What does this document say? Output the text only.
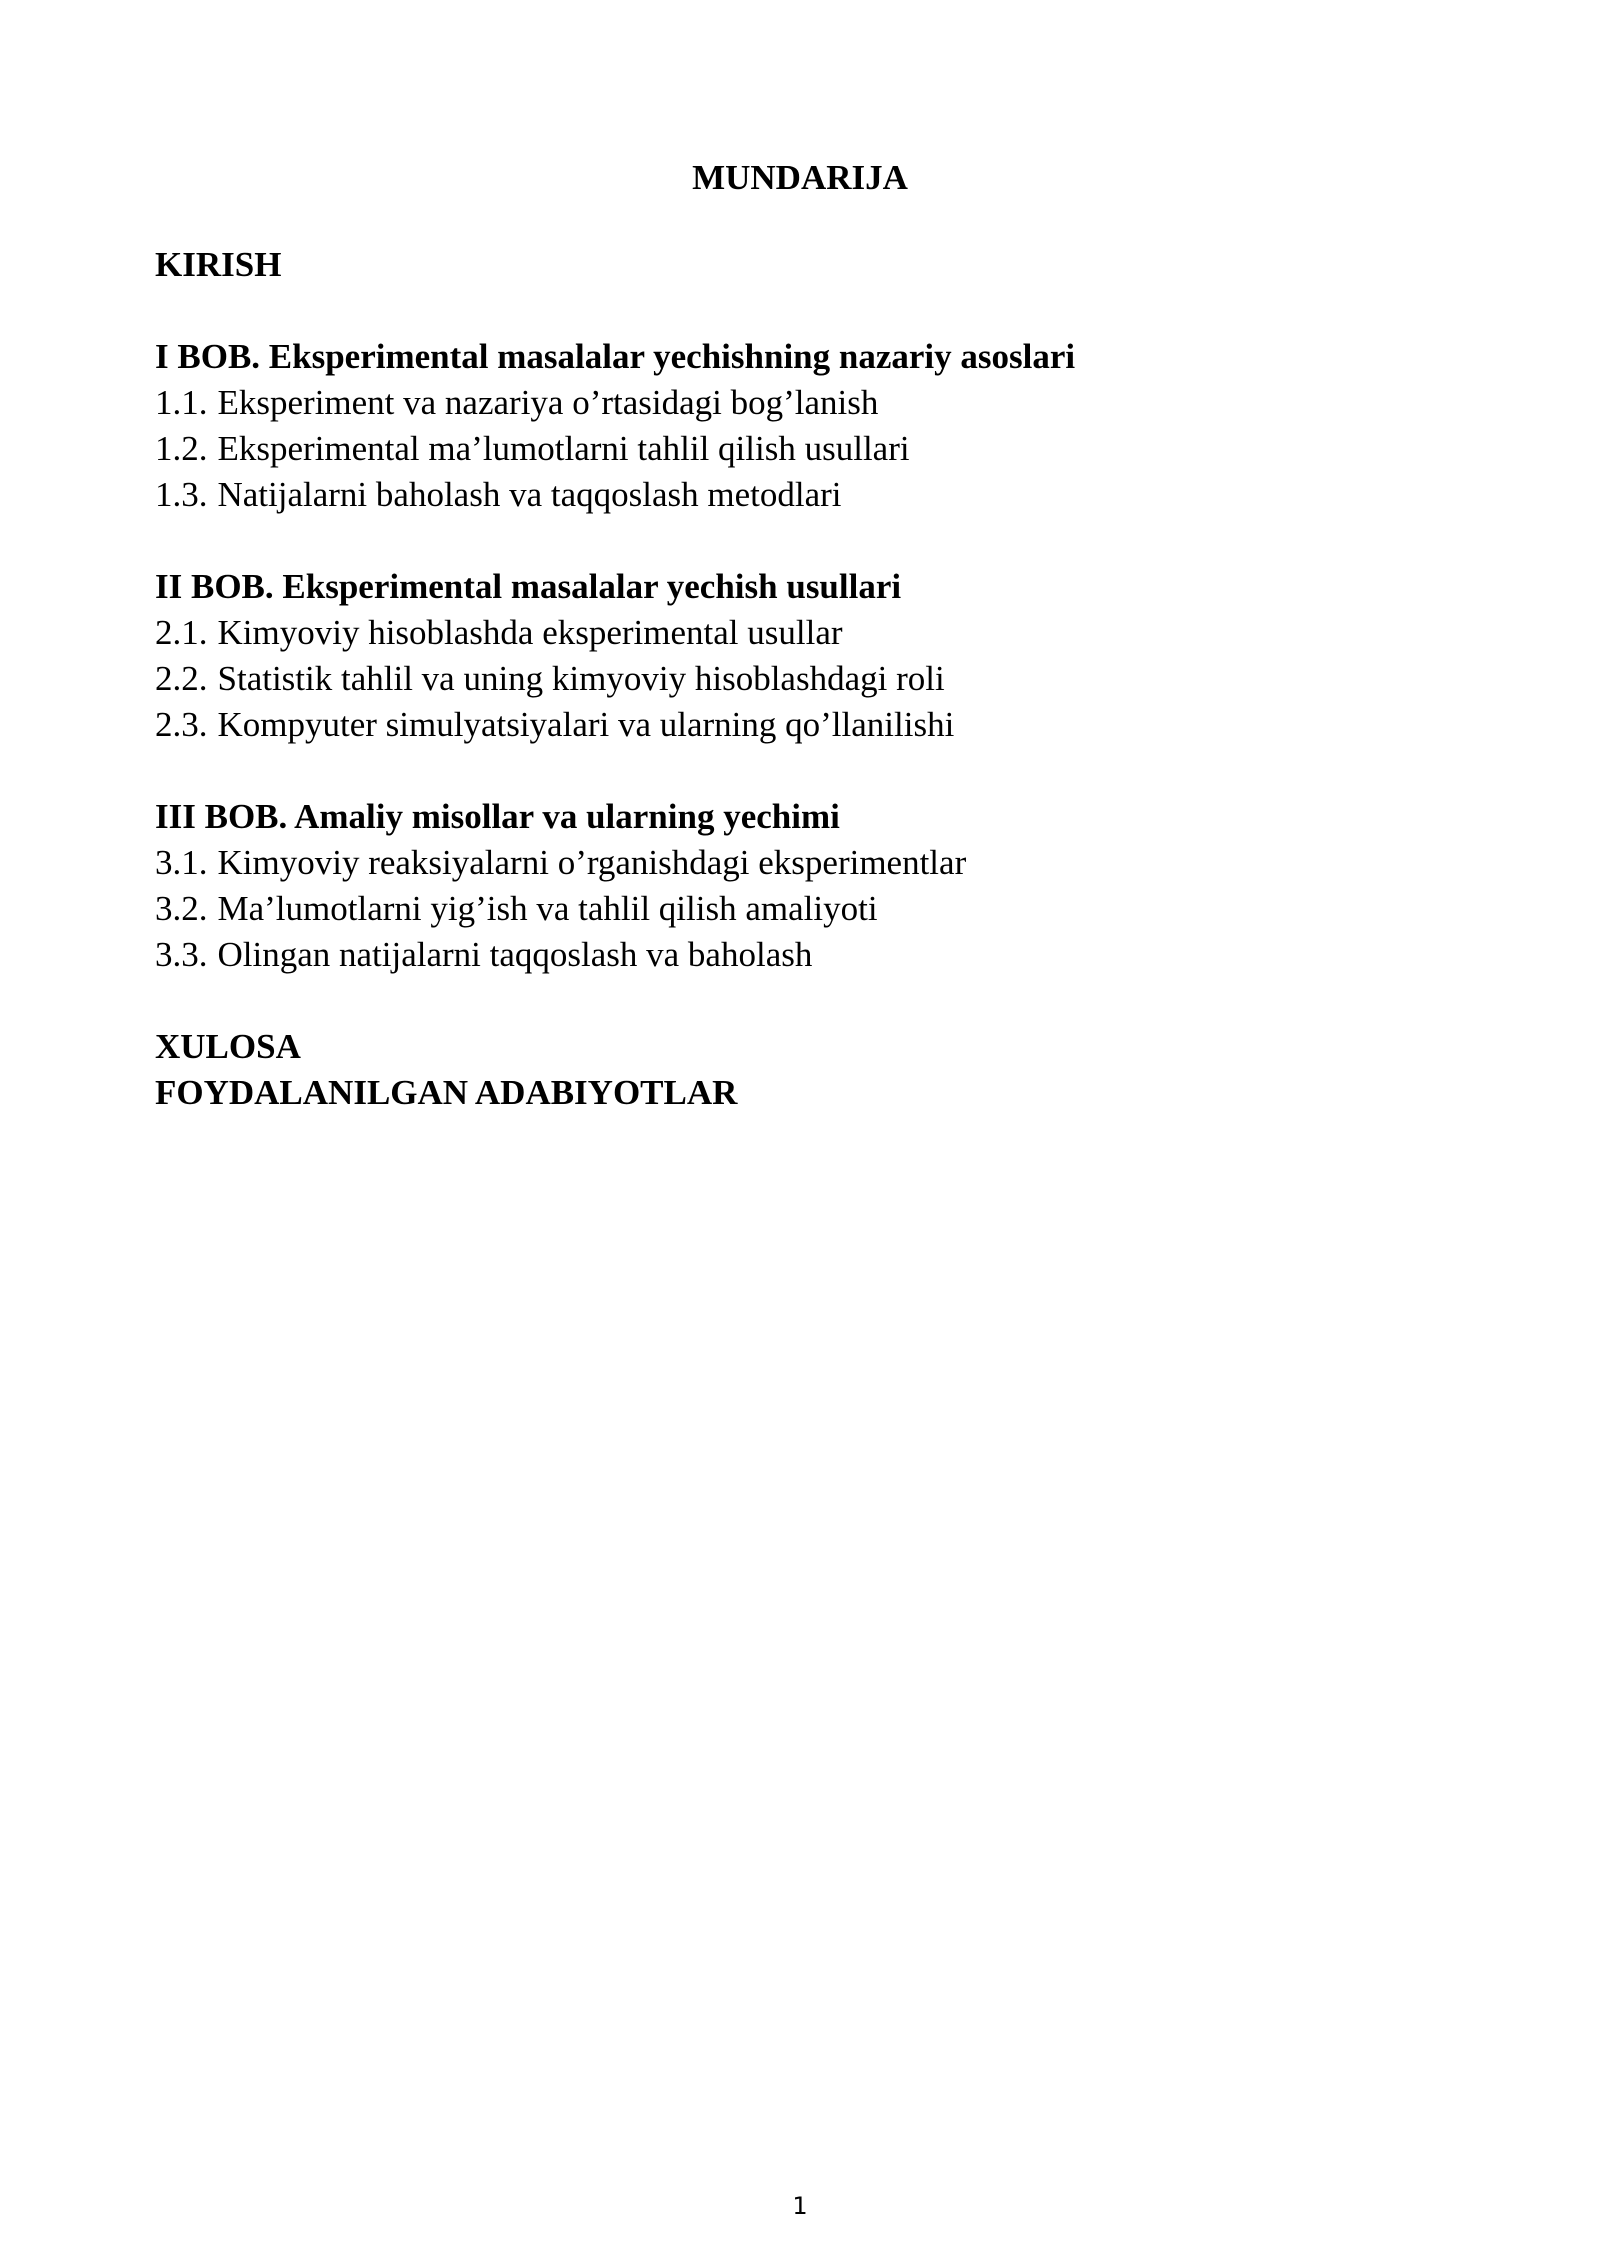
MUNDARIJA
KIRISH
I BOB. Eksperimental masalalar yechishning nazariy asoslari
1.1. Eksperiment va nazariya o’rtasidagi bog’lanish
1.2. Eksperimental ma’lumotlarni tahlil qilish usullari
1.3. Natijalarni baholash va taqqoslash metodlari
II BOB. Eksperimental masalalar yechish usullari
2.1. Kimyoviy hisoblashda eksperimental usullar
2.2. Statistik tahlil va uning kimyoviy hisoblashdagi roli
2.3. Kompyuter simulyatsiyalari va ularning qo’llanilishi
III BOB. Amaliy misollar va ularning yechimi
3.1. Kimyoviy reaksiyalarni o’rganishdagi eksperimentlar
3.2. Ma’lumotlarni yig’ish va tahlil qilish amaliyoti
3.3. Olingan natijalarni taqqoslash va baholash
XULOSA
FOYDALANILGAN ADABIYOTLAR
1
